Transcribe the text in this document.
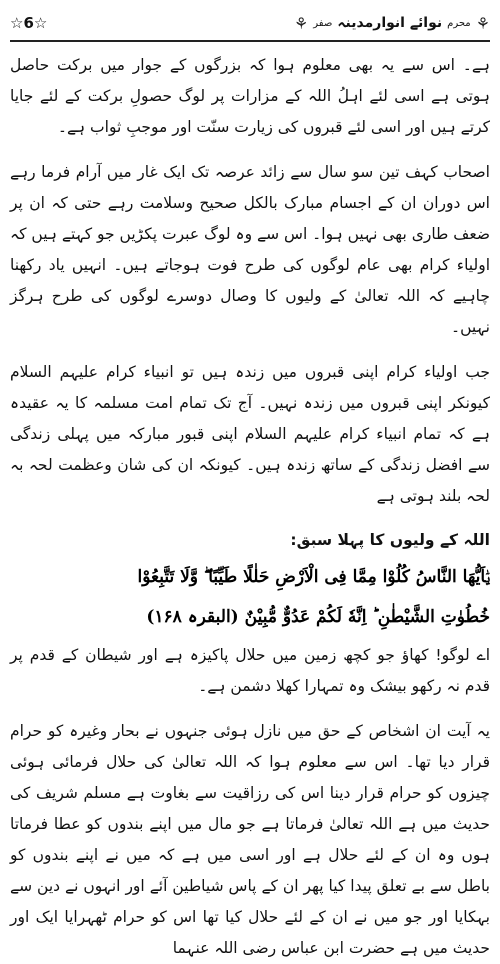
⚘
محرم
نوائے انوارمدینہ
صفر
⚘
☆6☆

ہے۔ اس سے یہ بھی معلوم ہوا کہ بزرگوں کے جوار میں برکت حاصل ہوتی ہے اسی لئے اہلُ اللہ کے مزارات پر لوگ حصولِ برکت کے لئے جایا کرتے ہیں اور اسی لئے قبروں کی زیارت سنّت اور موجبِ ثواب ہے۔

اصحاب کہف تین سو سال سے زائد عرصہ تک ایک غار میں آرام فرما رہے اس دوران ان کے اجسام مبارک بالکل صحیح وسلامت رہے حتی کہ ان پر ضعف طاری بھی نہیں ہوا۔ اس سے وہ لوگ عبرت پکڑیں جو کہتے ہیں کہ اولیاء کرام بھی عام لوگوں کی طرح فوت ہوجاتے ہیں۔ انہیں یاد رکھنا چاہیے کہ اللہ تعالیٰ کے ولیوں کا وصال دوسرے لوگوں کی طرح ہرگز نہیں۔

جب اولیاء کرام اپنی قبروں میں زندہ ہیں تو انبیاء کرام علیہم السلام کیونکر اپنی قبروں میں زندہ نہیں۔ آج تک تمام امت مسلمہ کا یہ عقیدہ ہے کہ تمام انبیاء کرام علیہم السلام اپنی قبور مبارکہ میں پہلی زندگی سے افضل زندگی کے ساتھ زندہ ہیں۔ کیونکہ ان کی شان وعظمت لحہ بہ لحہ بلند ہوتی ہے

اللہ کے ولیوں کا پہلا سبق:
یٰۤاَیُّهَا النَّاسُ كُلُوْا مِمَّا فِی الْاَرْضِ حَلٰلًا طَیِّبًا ۖ وَّلَا تَتَّبِعُوْا
خُطُوٰتِ الشَّیْطٰنِ ؕ اِنَّهٗ لَكُمْ عَدُوٌّ مُّبِیْنٌ (البقرہ ۱۶۸)

اے لوگو! کھاؤ جو کچھ زمین میں حلال پاکیزہ ہے اور شیطان کے قدم پر قدم نہ رکھو بیشک وہ تمہارا کھلا دشمن ہے۔

یہ آیت ان اشخاص کے حق میں نازل ہوئی جنہوں نے بحار وغیرہ کو حرام قرار دیا تھا۔ اس سے معلوم ہوا کہ اللہ تعالیٰ کی حلال فرمائی ہوئی چیزوں کو حرام قرار دینا اس کی رزاقیت سے بغاوت ہے مسلم شریف کی حدیث میں ہے اللہ تعالیٰ فرماتا ہے جو مال میں اپنے بندوں کو عطا فرماتا ہوں وہ ان کے لئے حلال ہے اور اسی میں ہے کہ میں نے اپنے بندوں کو باطل سے بے تعلق پیدا کیا پھر ان کے پاس شیاطین آئے اور انہوں نے دین سے بہکایا اور جو میں نے ان کے لئے حلال کیا تھا اس کو حرام ٹھہرایا ایک اور حدیث میں ہے حضرت ابن عباس رضی اللہ عنہما
